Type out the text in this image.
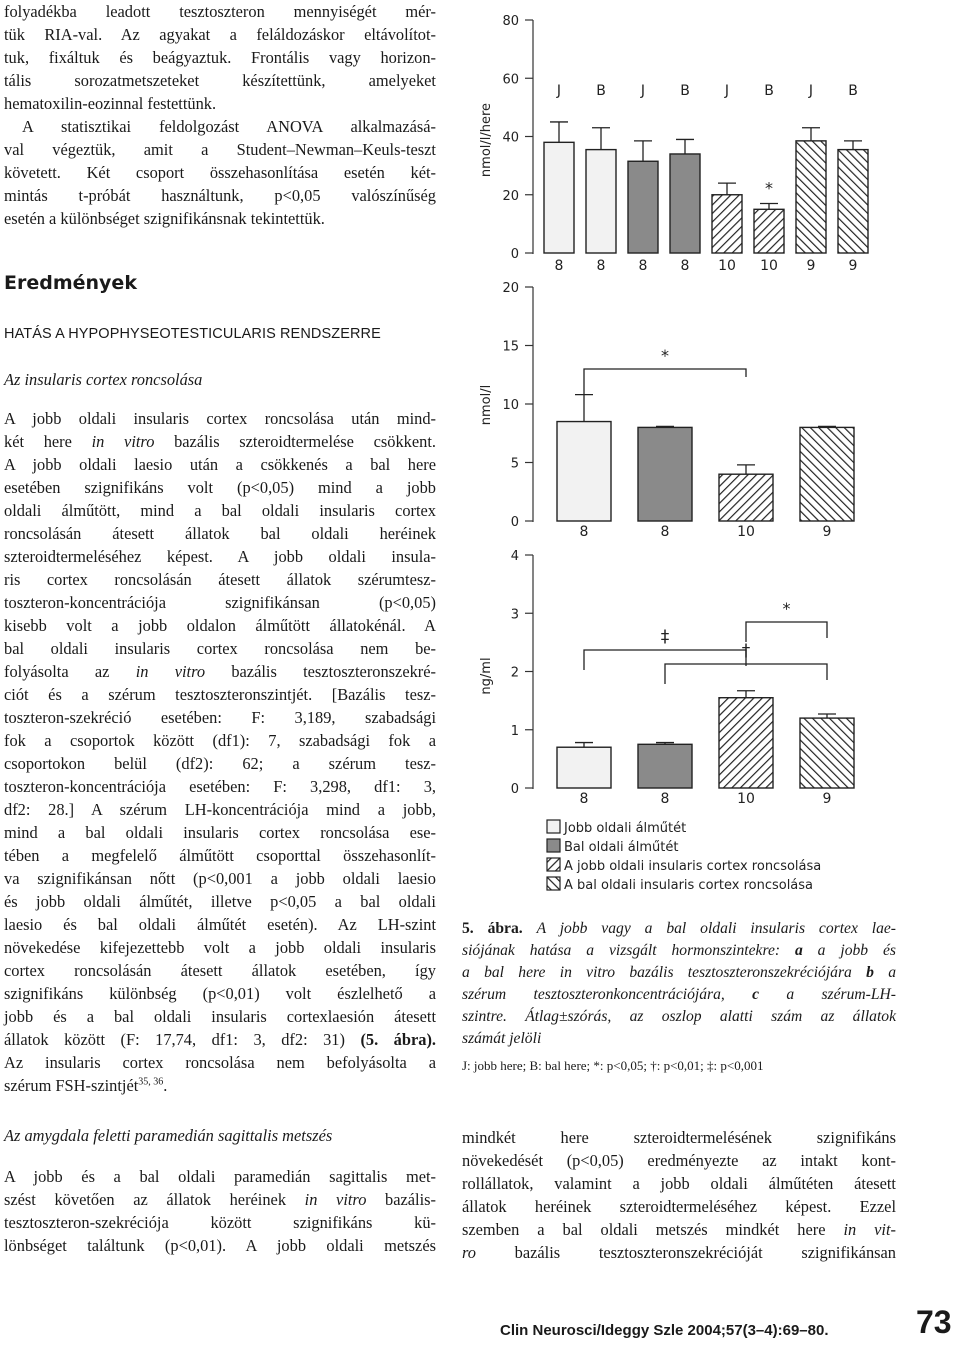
folyadékba leadott tesztoszteron mennyiségét mér-
tük RIA-val. Az agyakat a feláldozáskor eltávolítot-
tuk, fixáltuk és beágyaztuk. Frontális vagy horizon-
tális sorozatmetszeteket készítettünk, amelyeket
hematoxilin-eozinnal festettünk.
A statisztikai feldolgozást ANOVA alkalmazásá-
val végeztük, amit a Student–Newman–Keuls-teszt
követett. Két csoport összehasonlítása esetén két-
mintás t-próbát használtunk, p<0,05 valószínűség
esetén a különbséget szignifikánsnak tekintettük.
Eredmények
HATÁS A HYPOPHYSEOTESTICULARIS RENDSZERRE
Az insularis cortex roncsolása
A jobb oldali insularis cortex roncsolása után mind-
két here in vitro bazális szteroidtermelése csökkent.
A jobb oldali laesio után a csökkenés a bal here
esetében szignifikáns volt (p<0,05) mind a jobb
oldali álműtött, mind a bal oldali insularis cortex
roncsolásán átesett állatok bal oldali heréinek
szteroidtermeléséhez képest. A jobb oldali insula-
ris cortex roncsolásán átesett állatok szérumtesz-
toszteron-koncentrációja szignifikánsan (p<0,05)
kisebb volt a jobb oldalon álműtött állatokénál. A
bal oldali insularis cortex roncsolása nem be-
folyásolta az in vitro bazális tesztoszteronszekré-
ciót és a szérum tesztoszteronszintjét. [Bazális tesz-
toszteron-szekréció esetében: F: 3,189, szabadsági
fok a csoportok között (df1): 7, szabadsági fok a
csoportokon belül (df2): 62; a szérum tesz-
toszteron-koncentrációja esetében: F: 3,298, df1: 3,
df2: 28.] A szérum LH-koncentrációja mind a jobb,
mind a bal oldali insularis cortex roncsolása ese-
tében a megfelelő álműtött csoporttal összehasonlít-
va szignifikánsan nőtt (p<0,001 a jobb oldali laesio
és jobb oldali álműtét, illetve p<0,05 a bal oldali
laesio és bal oldali álműtét esetén). Az LH-szint
növekedése kifejezettebb volt a jobb oldali insularis
cortex roncsolásán átesett állatok esetében, így
szignifikáns különbség (p<0,01) volt észlelhető a
jobb és a bal oldali insularis cortexlaesión átesett
állatok között (F: 17,74, df1: 3, df2: 31) (5. ábra).
Az insularis cortex roncsolása nem befolyásolta a
szérum FSH-szintjét$^{35, 36}$.
Az amygdala feletti paramedián sagittalis metszés
A jobb és a bal oldali paramedián sagittalis met-
szést követően az állatok heréinek in vitro bazális-
tesztoszteron-szekréciója között szignifikáns kü-
lönbséget találtunk (p<0,01). A jobb oldali metszés
0
20
40
60
80
nmol/l/here
8
J
8
B
8
J
8
B
10
J
10
B
9
J
9
B
*
0
5
10
15
20
nmol/l
8	8	10	9
*
0
1
2
3
4
ng/ml
8	8	10	9
‡
†
*
Jobb oldali álműtét
Bal oldali álműtét
A jobb oldali insularis cortex roncsolása
A bal oldali insularis cortex roncsolása
5. ábra. A jobb vagy a bal oldali insularis cortex lae-
siójának hatása a vizsgált hormonszintekre: a a jobb és
a bal here in vitro bazális tesztoszteronszekréciójára b a
szérum tesztoszteronkoncentrációjára, c a szérum-LH-
szintre. Átlag±szórás, az oszlop alatti szám az állatok
számát jelöli
J: jobb here; B: bal here; *: p<0,05; †: p<0,01; ‡: p<0,001
mindkét here szteroidtermelésének szignifikáns
növekedését (p<0,05) eredményezte az intakt kont-
rollállatok, valamint a jobb oldali álműtéten átesett
állatok heréinek szteroidtermeléséhez képest. Ezzel
szemben a bal oldali metszés mindkét here in vit-
ro bazális tesztoszteronszekrécióját szignifikánsan
Clin Neurosci/Ideggy Szle 2004;57(3–4):69–80.	73
